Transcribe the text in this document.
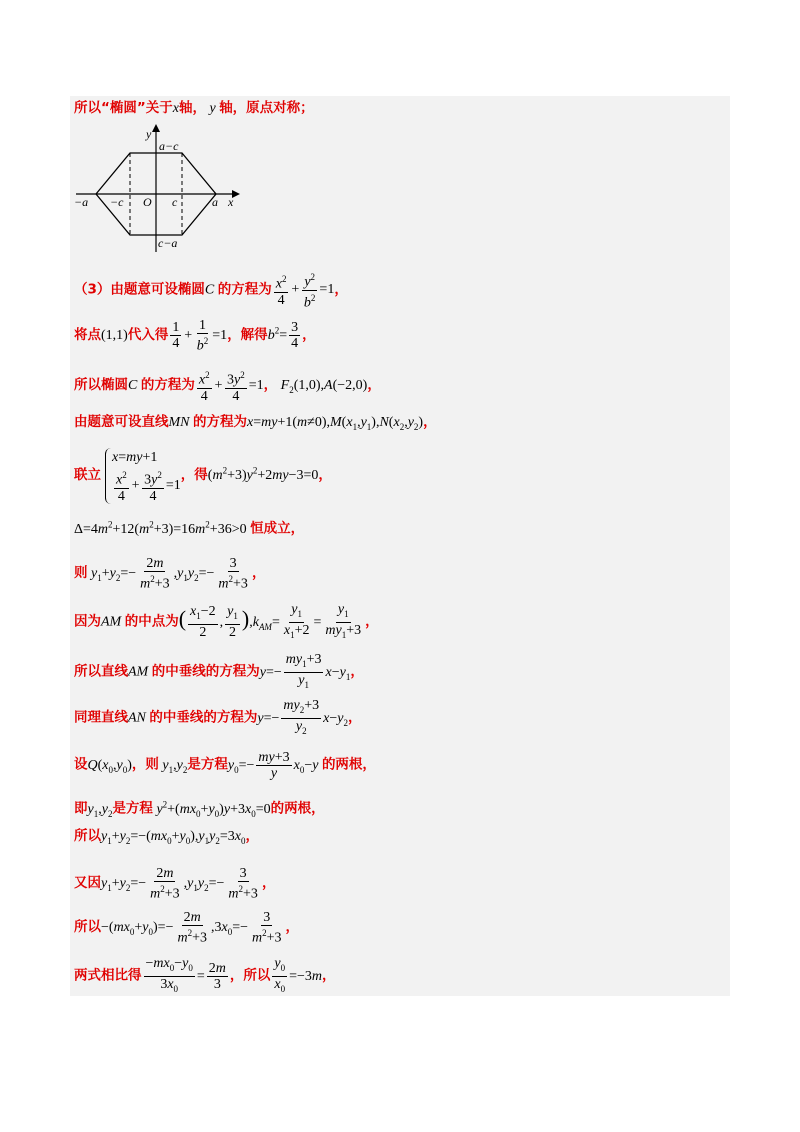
所以“椭圆”关于x轴， y 轴，原点对称；
y
x
a−c
c−a
−a −c O c	a
（3）由题意可设椭圆C 的方程为 $\frac{x^2}{4} + \frac{y^2}{b^2} =1$，
将点(1,1)代入得 $\frac{1}{4} + \frac{1}{b^2} =1$，解得$b^2= \frac{3}{4}$ ，
所以椭圆C 的方程为 $\frac{x^2}{4} + \frac{3y^2}{4} =1$， $F_2(1,0),A(-2,0)$，
由题意可设直线MN 的方程为$x=my+1(m\ne 0),M(x_1,y_1),N(x_2,y_2)$，
联立
x=my+1
$\frac{x^2}{4} + \frac{3y^2}{4} =1$
，得$(m^2+3)y^2+2my-3=0$，
$\Delta=4m^2+12(m^2+3)=16m^2+36>0$ 恒成立，
则 $y_1+y_2=- \frac{2m}{m^2+3} ,y_1y_2=- \frac{3}{m^2+3}$ ，
因为AM 的中点为( $\frac{x_1-2}{2}$ , $\frac{y_1}{2} ),k_{AM}= \frac{y_1}{x_1+2} = \frac{y_1}{my_1+3}$ ，
所以直线AM 的中垂线的方程为$y=- \frac{my_1+3}{y_1} x-y_1$，
同理直线AN 的中垂线的方程为$y=- \frac{my_2+3}{y_2} x-y_2$，
设$Q(x_0,y_0)$，则 $y_1,y_2$是方程$y_0=- \frac{my+3}{y} x_0-y$ 的两根，
即$y_1,y_2$是方程 $y^2+(mx_0+y_0)y+3x_0=0$的两根，
所以$y_1+y_2=-(mx_0+y_0),y_1y_2=3x_0$，
又因$y_1+y_2=- \frac{2m}{m^2+3} ,y_1y_2=- \frac{3}{m^2+3}$ ，
所以$-(mx_0+y_0)=- \frac{2m}{m^2+3} ,3x_0=- \frac{3}{m^2+3}$ ，
两式相比得 $\frac{-mx_0-y_0}{3x_0} = \frac{2m}{3}$ ，所以 $\frac{y_0}{x_0} =-3m$，
